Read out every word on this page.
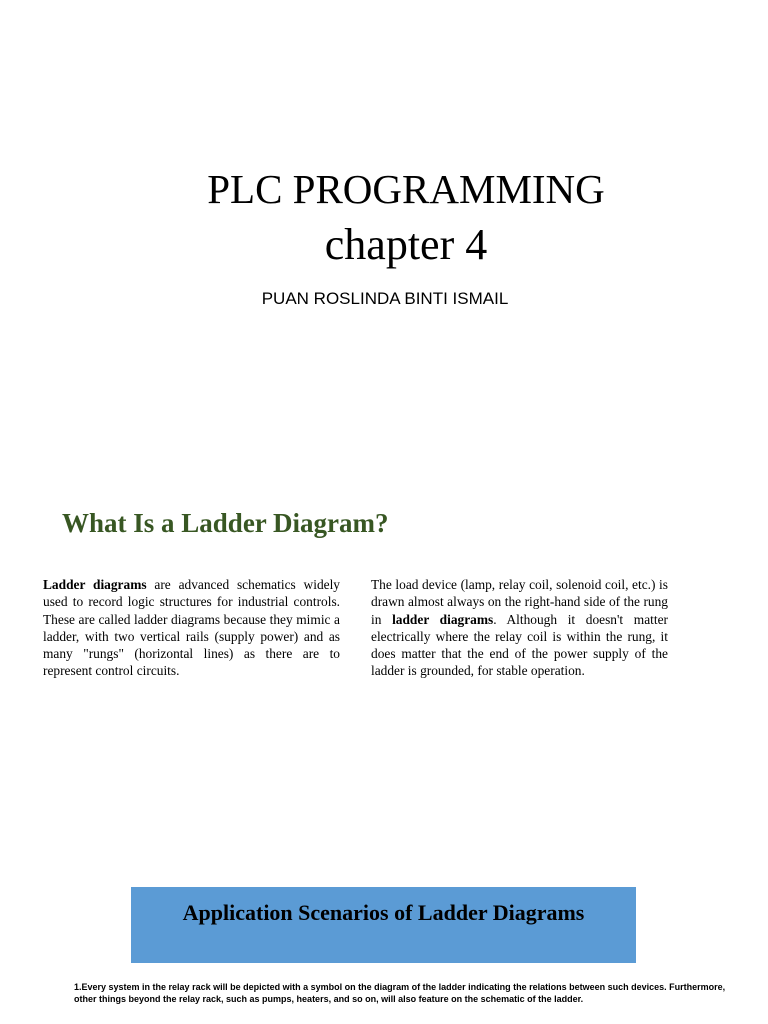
PLC PROGRAMMING
chapter 4
PUAN ROSLINDA BINTI ISMAIL
What Is a Ladder Diagram?

Ladder diagrams are advanced schematics widely used to record logic structures for industrial controls. These are called ladder diagrams because they mimic a ladder, with two vertical rails (supply power) and as many "rungs" (horizontal lines) as there are to represent control circuits.

The load device (lamp, relay coil, solenoid coil, etc.) is drawn almost always on the right-hand side of the rung in ladder diagrams. Although it doesn't matter electrically where the relay coil is within the rung, it does matter that the end of the power supply of the ladder is grounded, for stable operation.

Application Scenarios of Ladder Diagrams

1.Every system in the relay rack will be depicted with a symbol on the diagram of the ladder indicating the relations between such devices. Furthermore, other things beyond the relay rack, such as pumps, heaters, and so on, will also feature on the schematic of the ladder.
